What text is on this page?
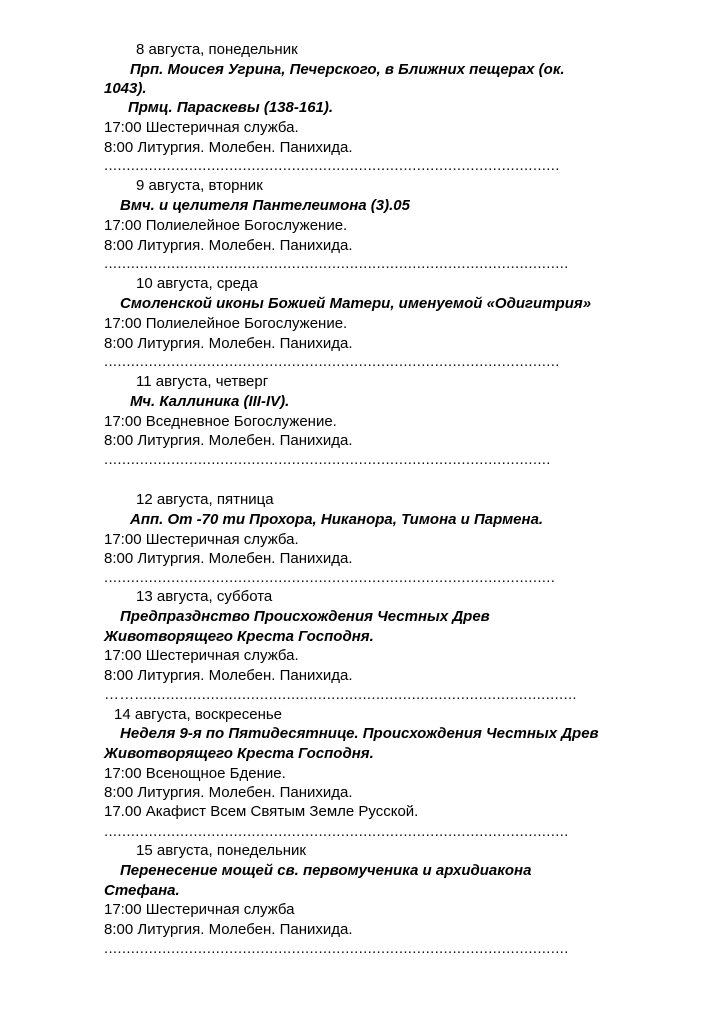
8 августа, понедельник
Прп. Моисея Угрина, Печерского, в Ближних пещерах (ок.
1043).
Прмц. Параскевы (138-161).
17:00 Шестеричная служба.
8:00 Литургия. Молебен. Панихида.
......................................................................................................
9 августа, вторник
Вмч. и целителя Пантелеимона (3).05
17:00 Полиелейное Богослужение.
8:00 Литургия. Молебен. Панихида.
........................................................................................................
10 августа, среда
Смоленской иконы Божией Матери, именуемой «Одигитрия»
17:00 Полиелейное Богослужение.
8:00 Литургия. Молебен. Панихида.
......................................................................................................
11 августа, четверг
Мч. Каллиника (III-IV).
17:00 Вседневное Богослужение.
8:00 Литургия. Молебен. Панихида.
....................................................................................................
12 августа, пятница
Апп. От -70 ти Прохора, Никанора, Тимона и Пармена.
17:00 Шестеричная служба.
8:00 Литургия. Молебен. Панихида.
.....................................................................................................
13 августа, суббота
Предпразднство Происхождения Честных Древ
Животворящего Креста Господня.
17:00 Шестеричная служба.
8:00 Литургия. Молебен. Панихида.
……...................................................................................................
14 августа, воскресенье
Неделя 9-я по Пятидесятнице. Происхождения Честных Древ
Животворящего Креста Господня.
17:00 Всенощное Бдение.
8:00 Литургия. Молебен. Панихида.
17.00 Акафист Всем Святым Земле Русской.
........................................................................................................
15 августа, понедельник
Перенесение мощей св. первомученика и архидиакона
Стефана.
17:00 Шестеричная служба
8:00 Литургия. Молебен. Панихида.
........................................................................................................
